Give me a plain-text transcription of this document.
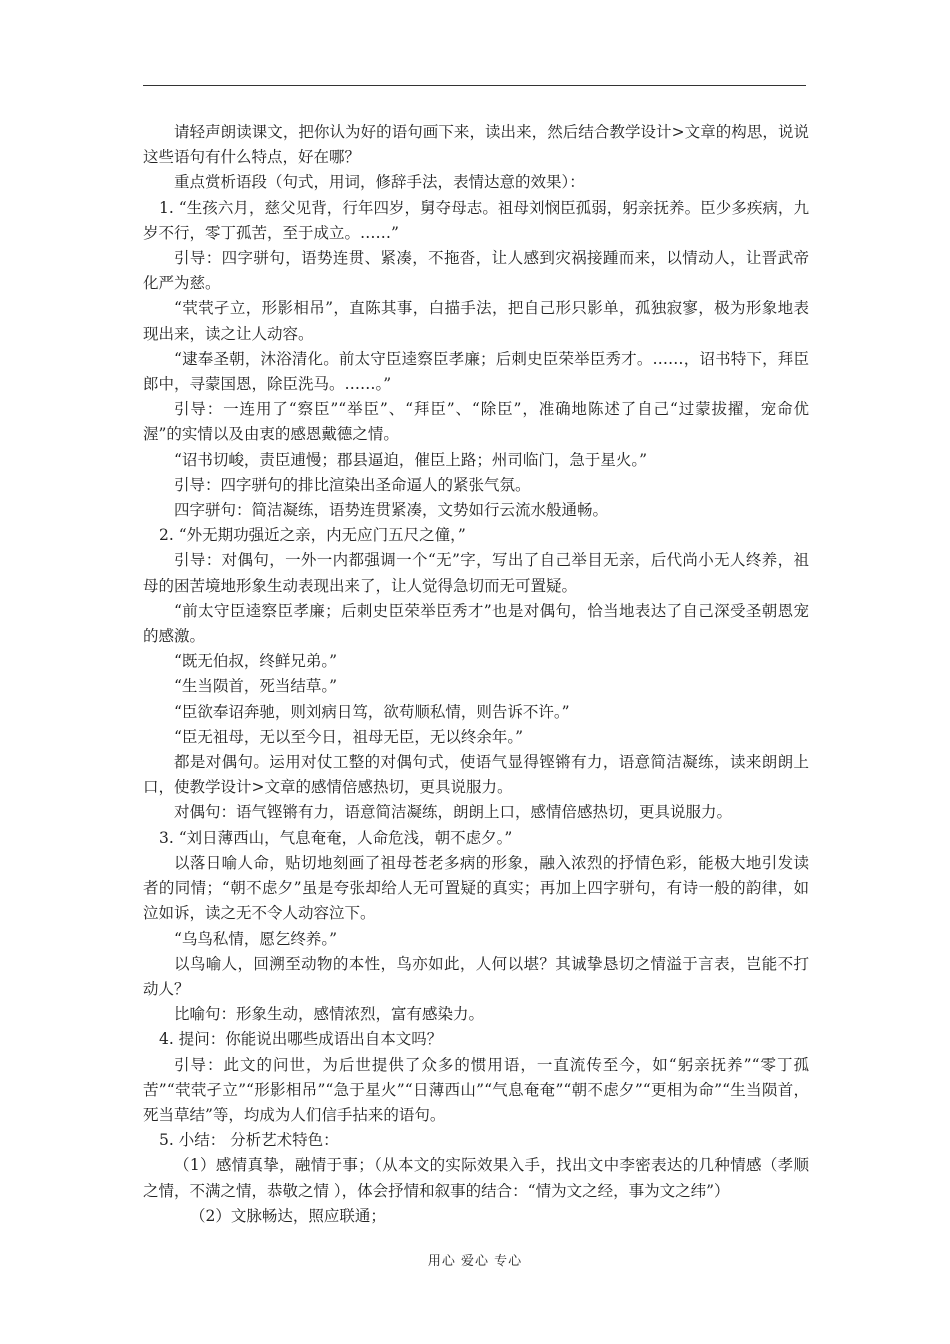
请轻声朗读课文，把你认为好的语句画下来，读出来，然后结合教学设计>文章的构思，说说这些语句有什么特点，好在哪？

重点赏析语段（句式，用词，修辞手法，表情达意的效果）：

1. “生孩六月，慈父见背，行年四岁，舅夺母志。祖母刘悯臣孤弱，躬亲抚养。臣少多疾病，九岁不行，零丁孤苦，至于成立。……”

引导：四字骈句，语势连贯、紧凑，不拖沓，让人感到灾祸接踵而来，以情动人，让晋武帝化严为慈。

“茕茕孑立，形影相吊”，直陈其事，白描手法，把自己形只影单，孤独寂寥，极为形象地表现出来，读之让人动容。

“逮奉圣朝，沐浴清化。前太守臣逵察臣孝廉；后刺史臣荣举臣秀才。……，诏书特下，拜臣郎中，寻蒙国恩，除臣洗马。……。”

引导：一连用了“察臣”“举臣”、“拜臣”、“除臣”，准确地陈述了自己“过蒙拔擢，宠命优渥”的实情以及由衷的感恩戴德之情。

“诏书切峻，责臣逋慢；郡县逼迫，催臣上路；州司临门，急于星火。”

引导：四字骈句的排比渲染出圣命逼人的紧张气氛。

四字骈句：简洁凝练，语势连贯紧凑，文势如行云流水般通畅。

2. “外无期功强近之亲，内无应门五尺之僮，”

引导：对偶句，一外一内都强调一个“无”字，写出了自己举目无亲，后代尚小无人终养，祖母的困苦境地形象生动表现出来了，让人觉得急切而无可置疑。

“前太守臣逵察臣孝廉；后刺史臣荣举臣秀才”也是对偶句，恰当地表达了自己深受圣朝恩宠的感激。

“既无伯叔，终鲜兄弟。”

“生当陨首，死当结草。”

“臣欲奉诏奔驰，则刘病日笃，欲苟顺私情，则告诉不许。”

“臣无祖母，无以至今日，祖母无臣，无以终余年。”

都是对偶句。运用对仗工整的对偶句式，使语气显得铿锵有力，语意简洁凝练，读来朗朗上口，使教学设计>文章的感情倍感热切，更具说服力。

对偶句：语气铿锵有力，语意简洁凝练，朗朗上口，感情倍感热切，更具说服力。

3. “刘日薄西山，气息奄奄，人命危浅，朝不虑夕。”

以落日喻人命，贴切地刻画了祖母苍老多病的形象，融入浓烈的抒情色彩，能极大地引发读者的同情；“朝不虑夕”虽是夸张却给人无可置疑的真实；再加上四字骈句，有诗一般的韵律，如泣如诉，读之无不令人动容泣下。

“乌鸟私情，愿乞终养。”

以鸟喻人，回溯至动物的本性，鸟亦如此，人何以堪？其诚挚恳切之情溢于言表，岂能不打动人？

比喻句：形象生动，感情浓烈，富有感染力。

4. 提问：你能说出哪些成语出自本文吗？

引导：此文的问世，为后世提供了众多的惯用语，一直流传至今，如“躬亲抚养”“零丁孤苦”“茕茕孑立”“形影相吊”“急于星火”“日薄西山”“气息奄奄”“朝不虑夕”“更相为命”“生当陨首，死当草结”等，均成为人们信手拈来的语句。

5. 小结： 分析艺术特色：

（1）感情真挚，融情于事；（从本文的实际效果入手，找出文中李密表达的几种情感（孝顺之情，不满之情，恭敬之情 ），体会抒情和叙事的结合：“情为文之经，事为文之纬”）

（2）文脉畅达，照应联通；

用心 爱心 专心
